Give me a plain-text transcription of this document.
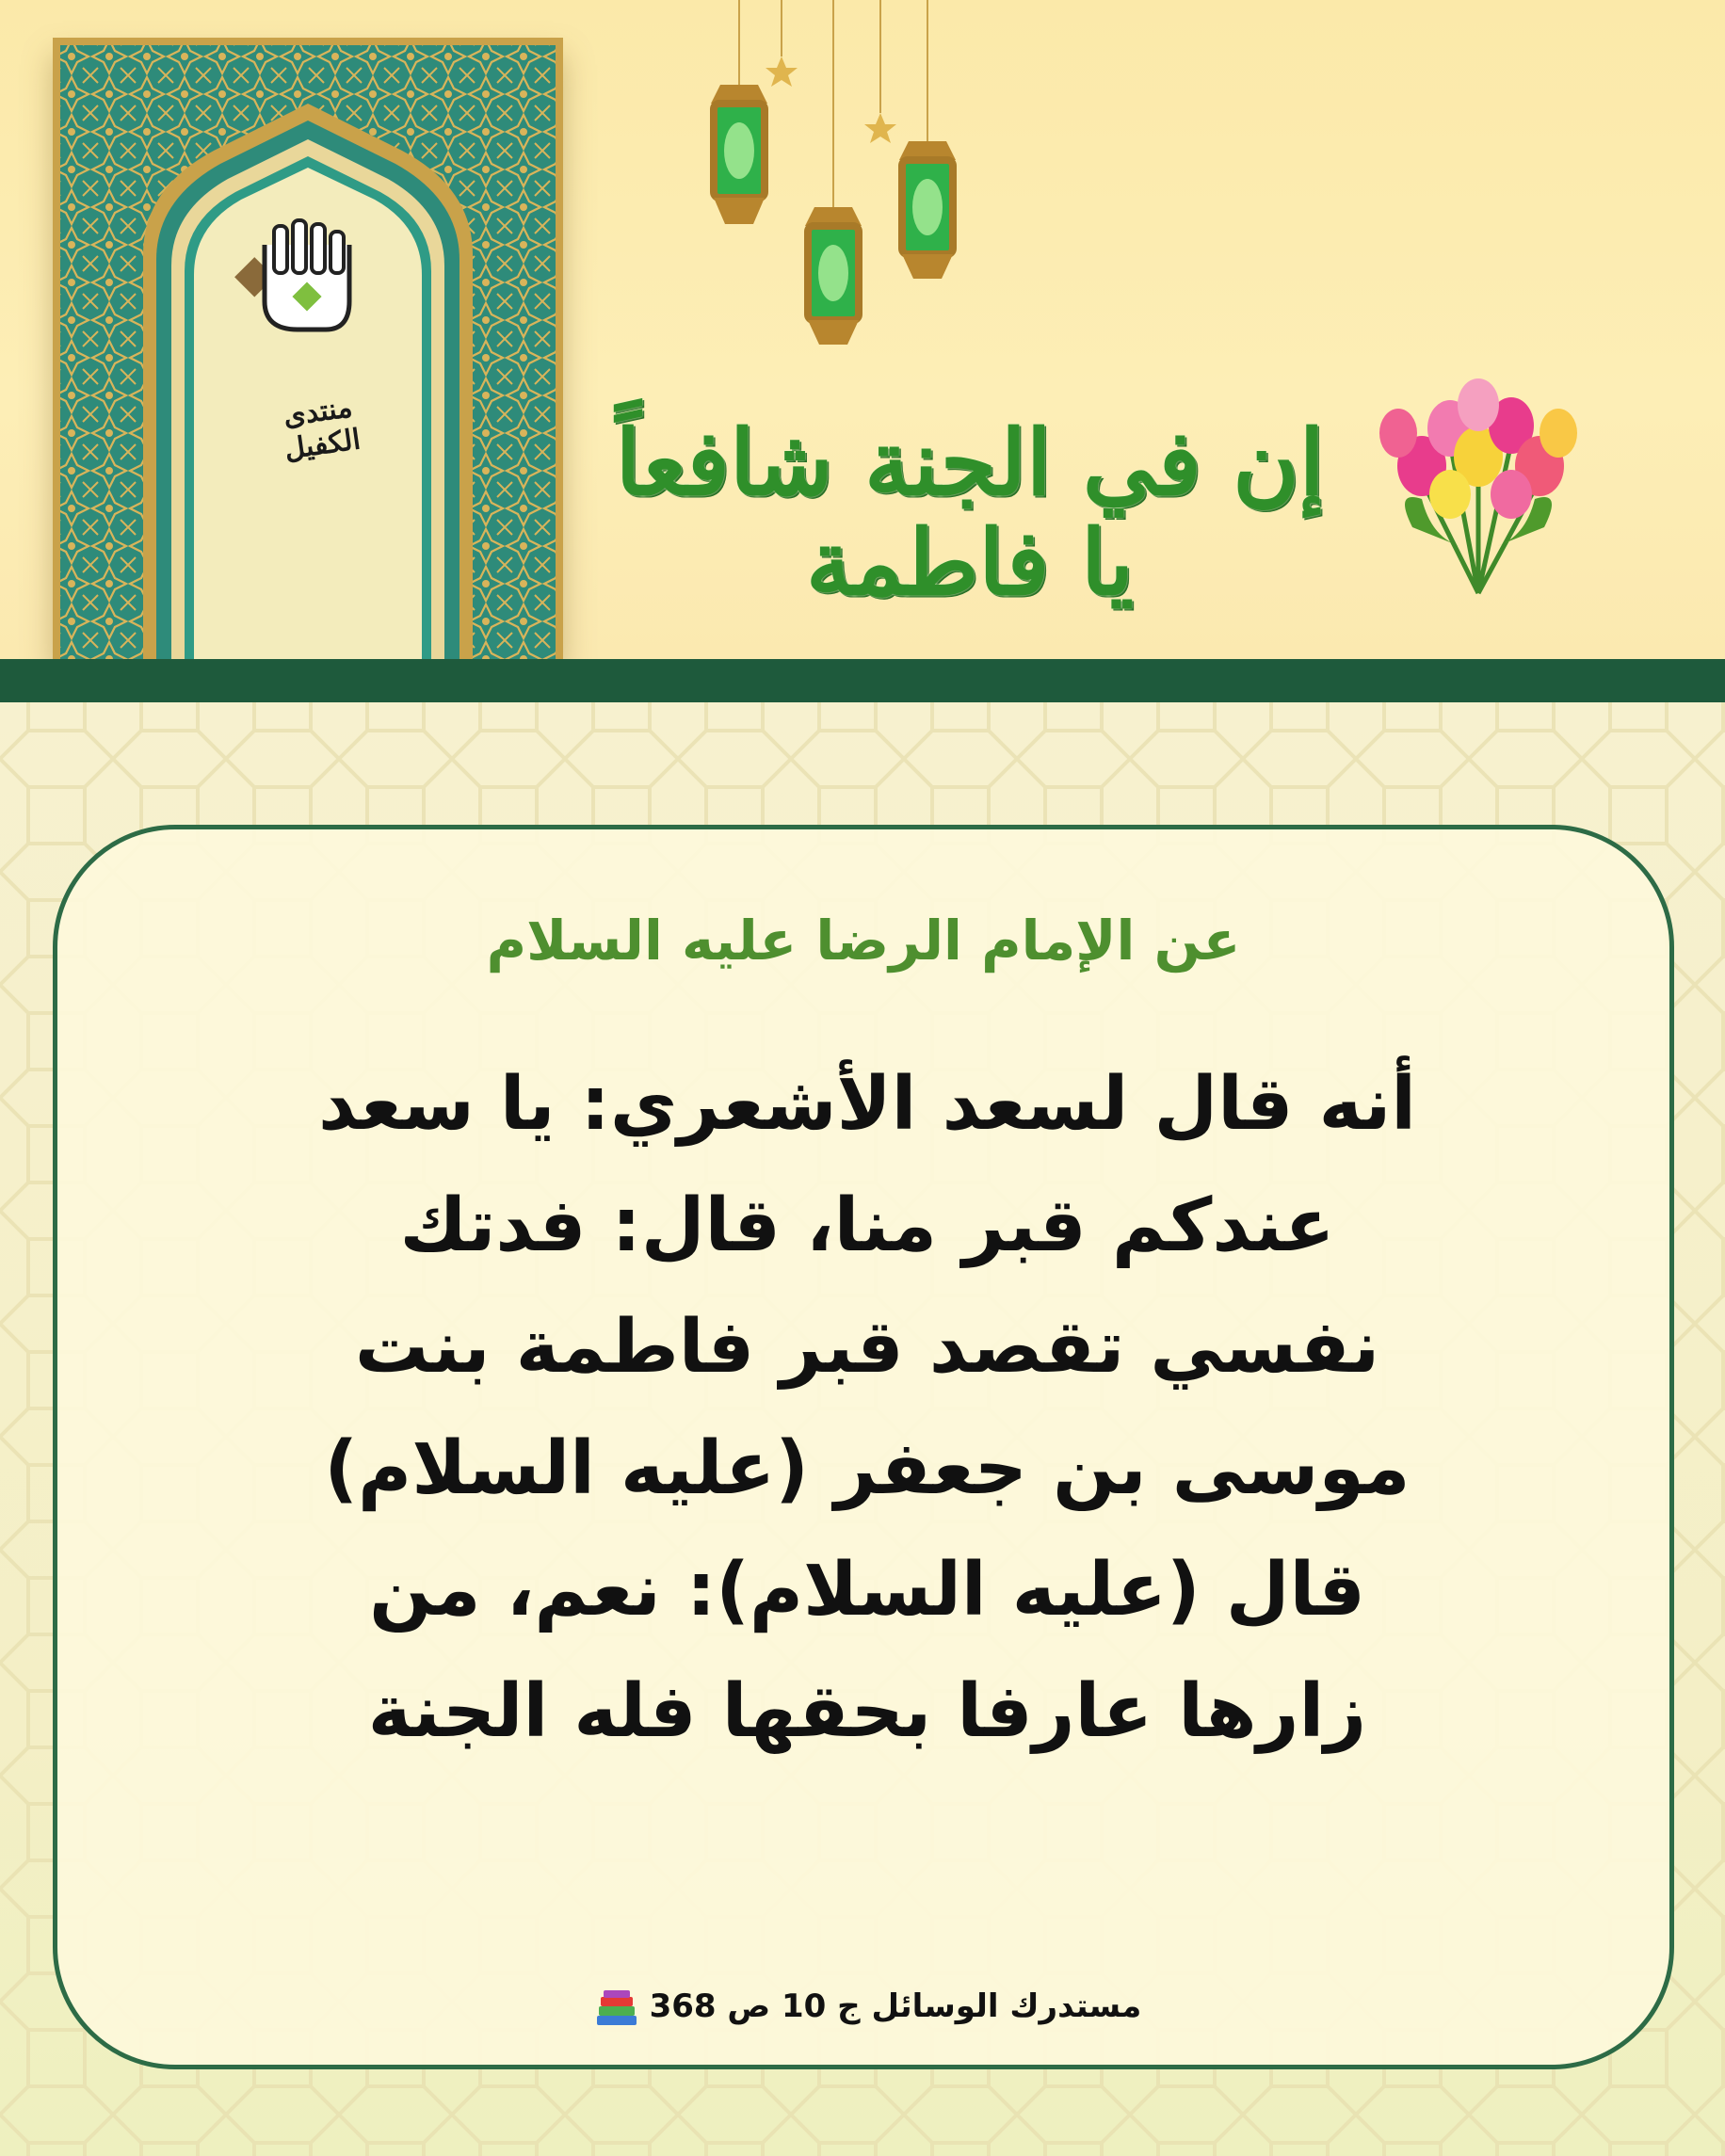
منتدى الكفيل	إن في الجنة شافعاً يا فاطمة
عن الإمام الرضا عليه السلام
أنه قال لسعد الأشعري: يا سعد
عندكم قبر منا، قال: فدتك
نفسي تقصد قبر فاطمة بنت
موسى بن جعفر (عليه السلام)
قال (عليه السلام): نعم، من
زارها عارفا بحقها فله الجنة
مستدرك الوسائل ج 10 ص 368
